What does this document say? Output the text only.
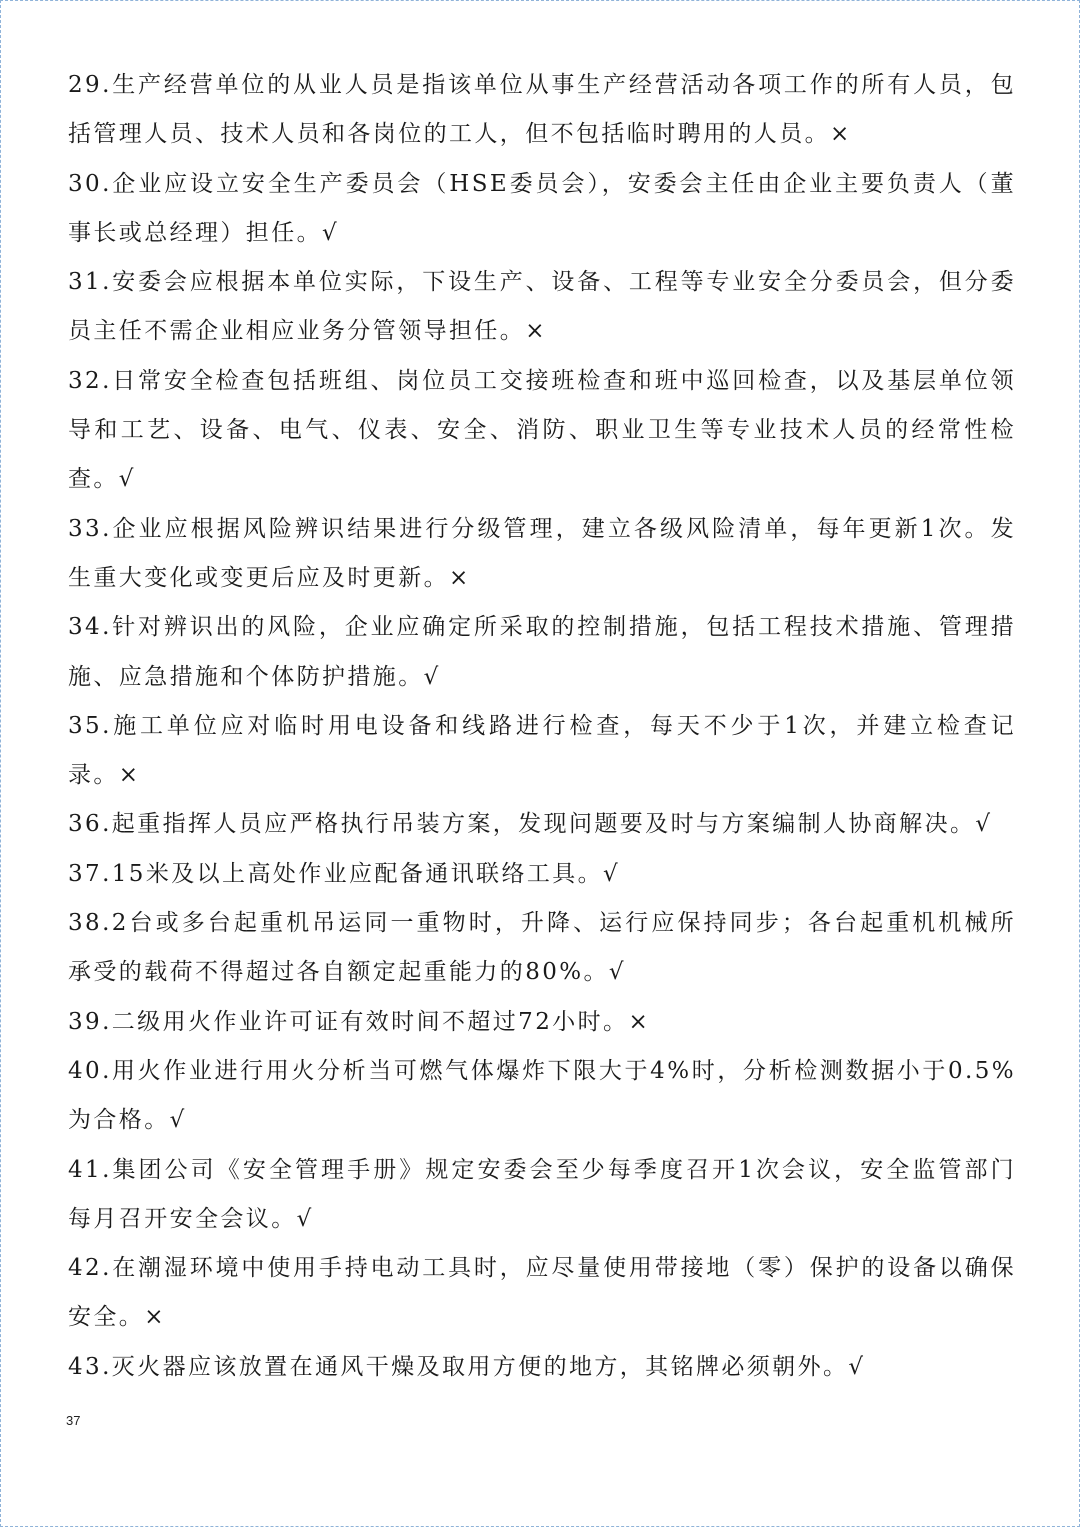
29.生产经营单位的从业人员是指该单位从事生产经营活动各项工作的所有人员，包括管理人员、技术人员和各岗位的工人，但不包括临时聘用的人员。×
30.企业应设立安全生产委员会（HSE委员会），安委会主任由企业主要负责人（董事长或总经理）担任。√
31.安委会应根据本单位实际，下设生产、设备、工程等专业安全分委员会，但分委员主任不需企业相应业务分管领导担任。×
32.日常安全检查包括班组、岗位员工交接班检查和班中巡回检查，以及基层单位领导和工艺、设备、电气、仪表、安全、消防、职业卫生等专业技术人员的经常性检查。√
33.企业应根据风险辨识结果进行分级管理，建立各级风险清单，每年更新1次。发生重大变化或变更后应及时更新。×
34.针对辨识出的风险，企业应确定所采取的控制措施，包括工程技术措施、管理措施、应急措施和个体防护措施。√
35.施工单位应对临时用电设备和线路进行检查，每天不少于1次，并建立检查记录。×
36.起重指挥人员应严格执行吊装方案，发现问题要及时与方案编制人协商解决。√
37.15米及以上高处作业应配备通讯联络工具。√
38.2台或多台起重机吊运同一重物时，升降、运行应保持同步；各台起重机机械所承受的载荷不得超过各自额定起重能力的80%。√
39.二级用火作业许可证有效时间不超过72小时。×
40.用火作业进行用火分析当可燃气体爆炸下限大于4%时，分析检测数据小于0.5%为合格。√
41.集团公司《安全管理手册》规定安委会至少每季度召开1次会议，安全监管部门每月召开安全会议。√
42.在潮湿环境中使用手持电动工具时，应尽量使用带接地（零）保护的设备以确保安全。×
43.灭火器应该放置在通风干燥及取用方便的地方，其铭牌必须朝外。√
37
